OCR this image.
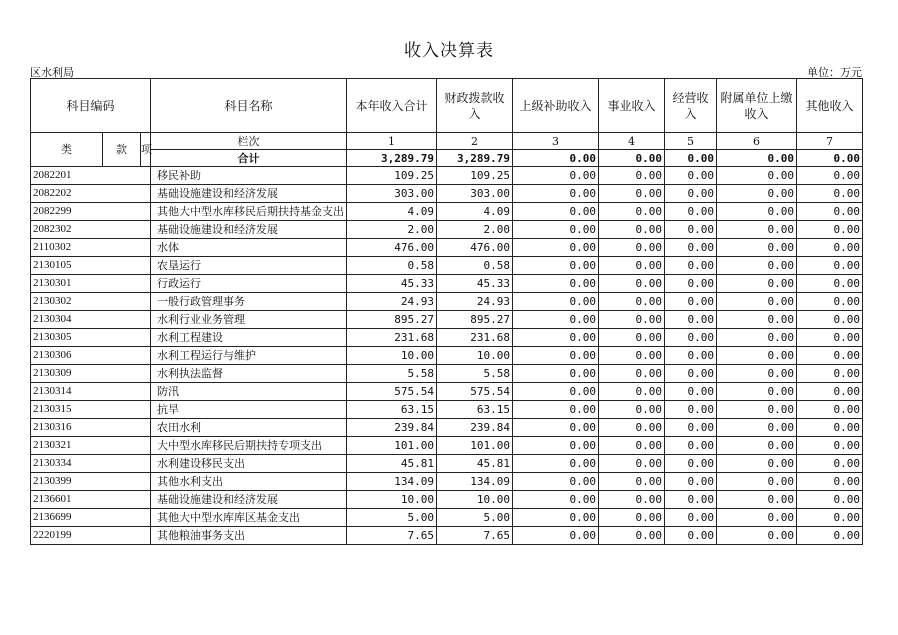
收入决算表
区水利局	单位：万元
科目编码			科目名称	本年收入合计	财政拨款收入	上级补助收入	事业收入	经营收入	附属单位上缴收入	其他收入
类	款	项	栏次	1	2	3	4	5	6	7
			合计	3,289.79	3,289.79	0.00	0.00	0.00	0.00	0.00
2082201			移民补助	109.25	109.25	0.00	0.00	0.00	0.00	0.00
2082202			基础设施建设和经济发展	303.00	303.00	0.00	0.00	0.00	0.00	0.00
2082299			其他大中型水库移民后期扶持基金支出	4.09	4.09	0.00	0.00	0.00	0.00	0.00
2082302			基础设施建设和经济发展	2.00	2.00	0.00	0.00	0.00	0.00	0.00
2110302			水体	476.00	476.00	0.00	0.00	0.00	0.00	0.00
2130105			农垦运行	0.58	0.58	0.00	0.00	0.00	0.00	0.00
2130301			行政运行	45.33	45.33	0.00	0.00	0.00	0.00	0.00
2130302			一般行政管理事务	24.93	24.93	0.00	0.00	0.00	0.00	0.00
2130304			水利行业业务管理	895.27	895.27	0.00	0.00	0.00	0.00	0.00
2130305			水利工程建设	231.68	231.68	0.00	0.00	0.00	0.00	0.00
2130306			水利工程运行与维护	10.00	10.00	0.00	0.00	0.00	0.00	0.00
2130309			水利执法监督	5.58	5.58	0.00	0.00	0.00	0.00	0.00
2130314			防汛	575.54	575.54	0.00	0.00	0.00	0.00	0.00
2130315			抗旱	63.15	63.15	0.00	0.00	0.00	0.00	0.00
2130316			农田水利	239.84	239.84	0.00	0.00	0.00	0.00	0.00
2130321			大中型水库移民后期扶持专项支出	101.00	101.00	0.00	0.00	0.00	0.00	0.00
2130334			水利建设移民支出	45.81	45.81	0.00	0.00	0.00	0.00	0.00
2130399			其他水利支出	134.09	134.09	0.00	0.00	0.00	0.00	0.00
2136601			基础设施建设和经济发展	10.00	10.00	0.00	0.00	0.00	0.00	0.00
2136699			其他大中型水库库区基金支出	5.00	5.00	0.00	0.00	0.00	0.00	0.00
2220199			其他粮油事务支出	7.65	7.65	0.00	0.00	0.00	0.00	0.00
